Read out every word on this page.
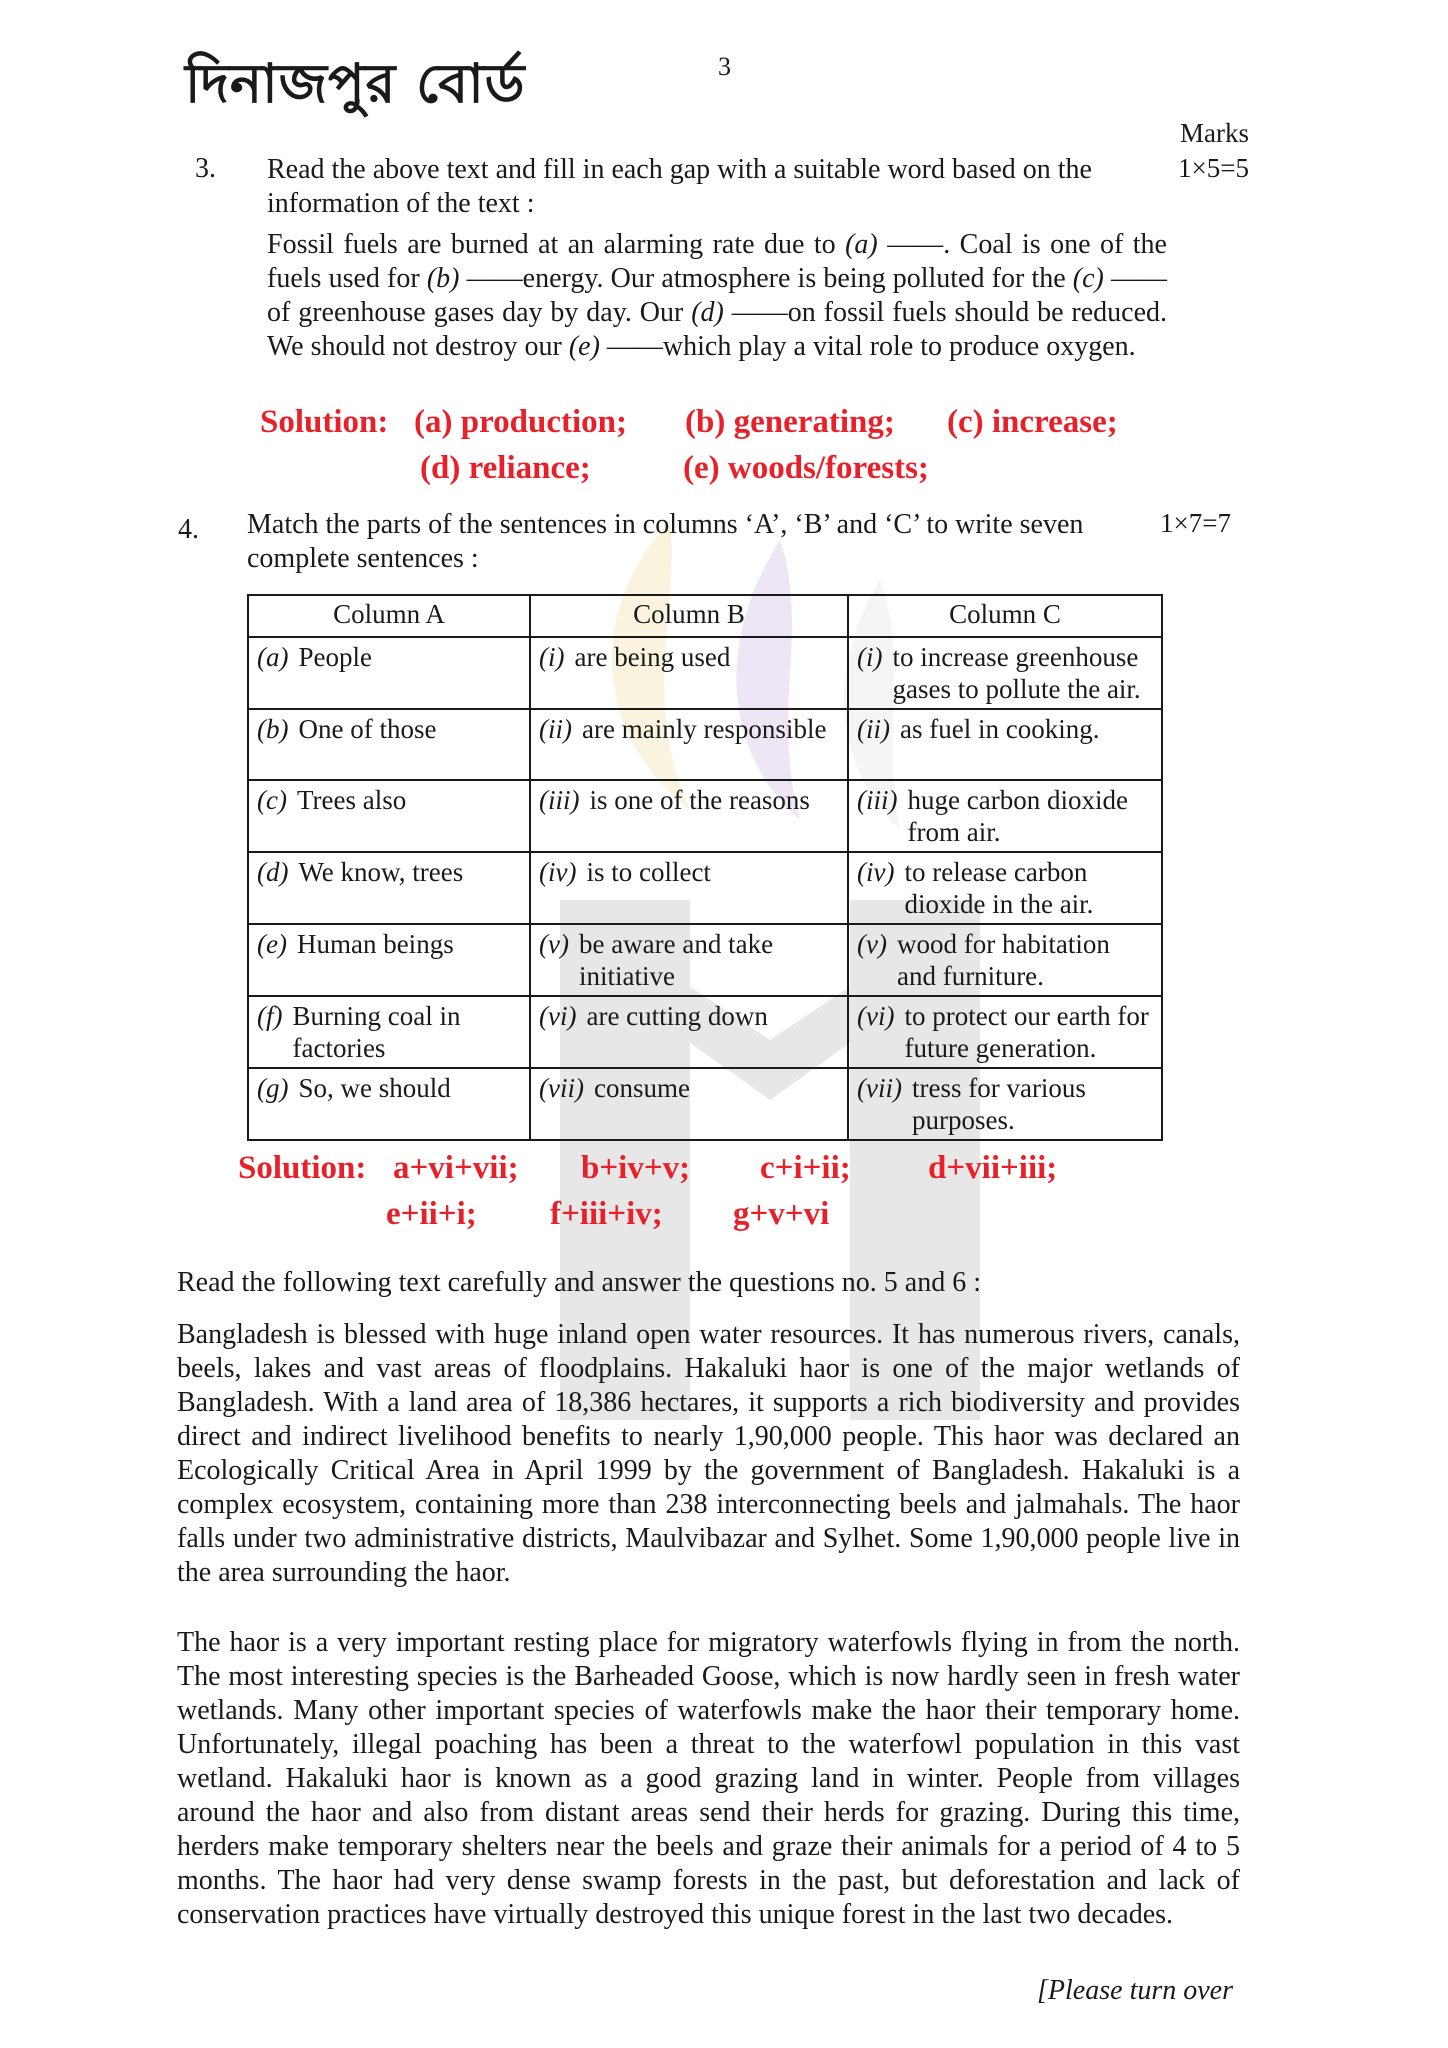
দিনাজপুর বোর্ড	3
Marks
3. Read the above text and fill in each gap with a suitable word based on the information of the text :
1×5=5
Fossil fuels are burned at an alarming rate due to (a) ——. Coal is one of the fuels used for (b) ——energy. Our atmosphere is being polluted for the (c) —— of greenhouse gases day by day. Our (d) ——on fossil fuels should be reduced. We should not destroy our (e) ——which play a vital role to produce oxygen.
Solution: (a) production; (b) generating; (c) increase;
(d) reliance;	(e) woods/forests;
4. Match the parts of the sentences in columns ‘A’, ‘B’ and ‘C’ to write seven complete sentences :
1×7=7
Column A	Column B	Column C

(a) People	(i) are being used	(i) to increase greenhouse gases to pollute the air.

(b) One of those	(ii) are mainly responsible	(ii) as fuel in cooking.

(c) Trees also	(iii) is one of the reasons	(iii) huge carbon dioxide from air.

(d) We know, trees	(iv) is to collect	(iv) to release carbon dioxide in the air.

(e) Human beings	(v) be aware and take initiative	(v) wood for habitation and furniture.

(f) Burning coal in factories	(vi) are cutting down	(vi) to protect our earth for future generation.

(g) So, we should	(vii) consume	(vii) tress for various purposes.
Solution: a+vi+vii; b+iv+v; c+i+ii; d+vii+iii;
e+ii+i; f+iii+iv; g+v+vi
Read the following text carefully and answer the questions no. 5 and 6 :
Bangladesh is blessed with huge inland open water resources. It has numerous rivers, canals, beels, lakes and vast areas of floodplains. Hakaluki haor is one of the major wetlands of Bangladesh. With a land area of 18,386 hectares, it supports a rich biodiversity and provides direct and indirect livelihood benefits to nearly 1,90,000 people. This haor was declared an Ecologically Critical Area in April 1999 by the government of Bangladesh. Hakaluki is a complex ecosystem, containing more than 238 interconnecting beels and jalmahals. The haor falls under two administrative districts, Maulvibazar and Sylhet. Some 1,90,000 people live in the area surrounding the haor.
The haor is a very important resting place for migratory waterfowls flying in from the north. The most interesting species is the Barheaded Goose, which is now hardly seen in fresh water wetlands. Many other important species of waterfowls make the haor their temporary home. Unfortunately, illegal poaching has been a threat to the waterfowl population in this vast wetland. Hakaluki haor is known as a good grazing land in winter. People from villages around the haor and also from distant areas send their herds for grazing. During this time, herders make temporary shelters near the beels and graze their animals for a period of 4 to 5 months. The haor had very dense swamp forests in the past, but deforestation and lack of conservation practices have virtually destroyed this unique forest in the last two decades.
[Please turn over
